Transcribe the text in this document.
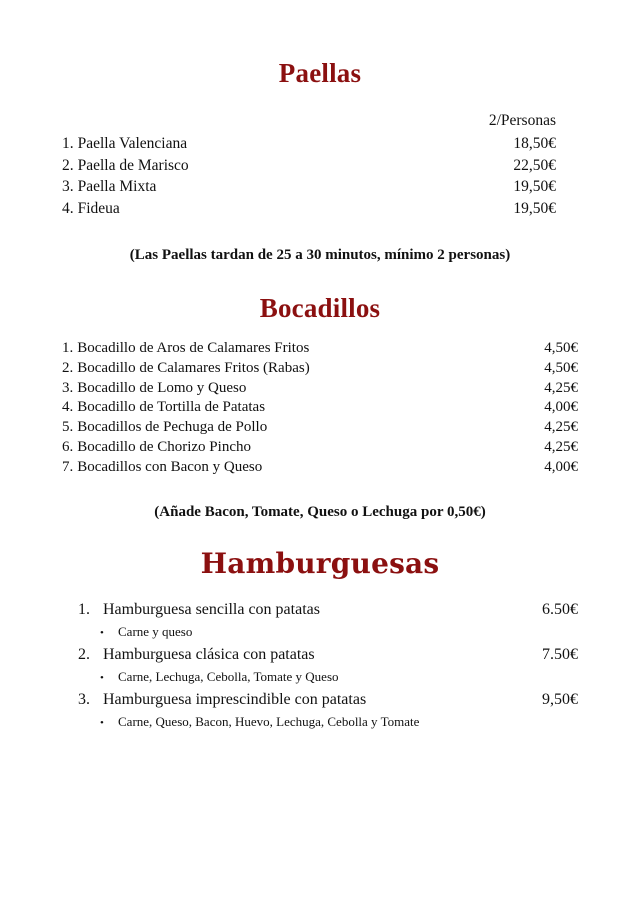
Paellas
2/Personas
1. Paella Valenciana	18,50€
2. Paella de Marisco	22,50€
3. Paella Mixta	19,50€
4. Fideua	19,50€
(Las Paellas tardan de 25 a 30 minutos, mínimo 2 personas)
Bocadillos
1. Bocadillo de Aros de Calamares Fritos	4,50€
2. Bocadillo de Calamares Fritos (Rabas)	4,50€
3. Bocadillo de Lomo y Queso	4,25€
4. Bocadillo de Tortilla de Patatas	4,00€
5. Bocadillos de Pechuga de Pollo	4,25€
6. Bocadillo de Chorizo Pincho	4,25€
7. Bocadillos con Bacon y Queso	4,00€
(Añade Bacon, Tomate, Queso o Lechuga por 0,50€)
Hamburguesas
1. Hamburguesa sencilla con patatas	6.50€
•	Carne y queso
2. Hamburguesa clásica con patatas	7.50€
•	Carne, Lechuga, Cebolla, Tomate y Queso
3. Hamburguesa imprescindible con patatas	9,50€
•	Carne, Queso, Bacon, Huevo, Lechuga, Cebolla y Tomate
